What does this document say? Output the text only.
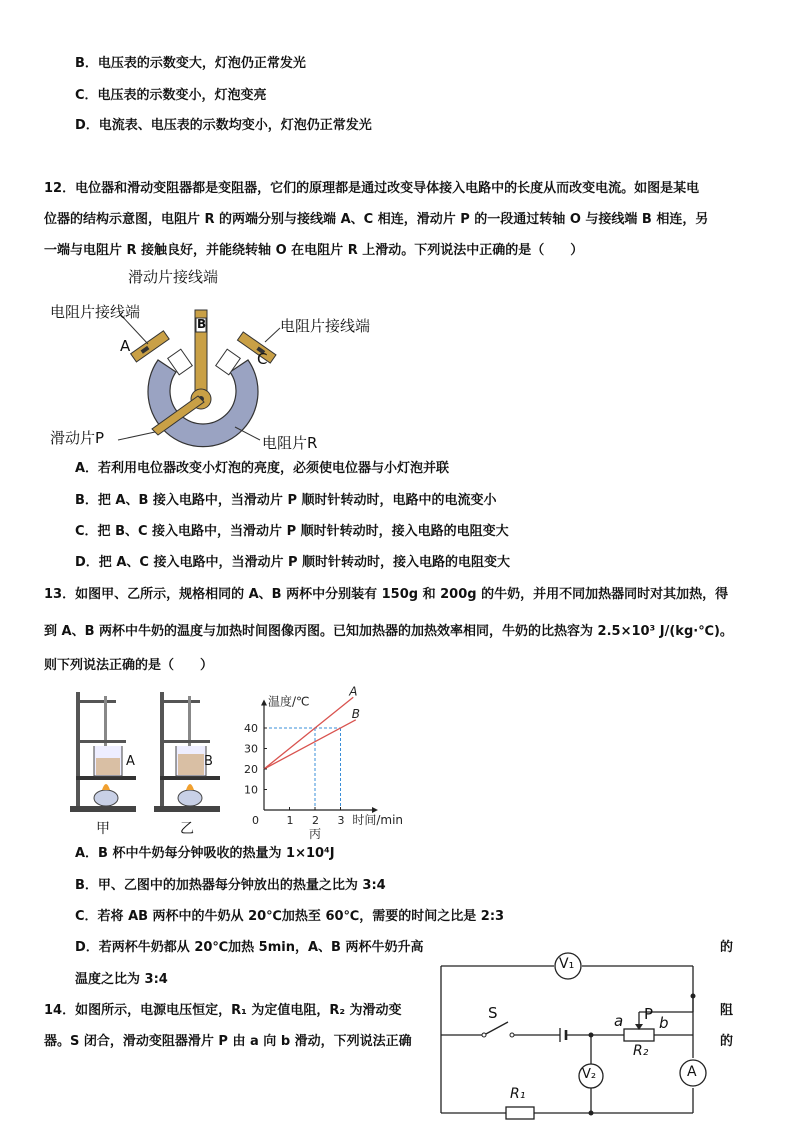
B．电压表的示数变大，灯泡仍正常发光
C．电压表的示数变小，灯泡变亮
D．电流表、电压表的示数均变小，灯泡仍正常发光
12．电位器和滑动变阻器都是变阻器，它们的原理都是通过改变导体接入电路中的长度从而改变电流。如图是某电
位器的结构示意图，电阻片 R 的两端分别与接线端 A、C 相连，滑动片 P 的一段通过转轴 O 与接线端 B 相连，另
一端与电阻片 R 接触良好，并能绕转轴 O 在电阻片 R 上滑动。下列说法中正确的是（　　）
滑动片接线端
电阻片接线端
电阻片接线端
A
B
C
滑动片P	电阻片R
A．若利用电位器改变小灯泡的亮度，必须使电位器与小灯泡并联
B．把 A、B 接入电路中，当滑动片 P 顺时针转动时，电路中的电流变小
C．把 B、C 接入电路中，当滑动片 P 顺时针转动时，接入电路的电阻变大
D．把 A、C 接入电路中，当滑动片 P 顺时针转动时，接入电路的电阻变大
13．如图甲、乙所示，规格相同的 A、B 两杯中分别装有 150g 和 200g 的牛奶，并用不同加热器同时对其加热，得
到 A、B 两杯中牛奶的温度与加热时间图像丙图。已知加热器的加热效率相同，牛奶的比热容为 2.5×10³ J/(kg·℃)。
则下列说法正确的是（　　）
A
甲
B
乙
A
B
0	1 2 3
10
20
30
40
温度/℃
时间/min
丙
A．B 杯中牛奶每分钟吸收的热量为 1×10⁴J
B．甲、乙图中的加热器每分钟放出的热量之比为 3:4
C．若将 AB 两杯中的牛奶从 20℃加热至 60℃，需要的时间之比是 2:3
D．若两杯牛奶都从 20℃加热 5min，A、B 两杯牛奶升高	的
温度之比为 3:4
14．如图所示，电源电压恒定，R₁ 为定值电阻，R₂ 为滑动变	阻
器。S 闭合，滑动变阻器滑片 P 由 a 向 b 滑动，下列说法正确	的
V₁
V₂	A
S
R₁
R₂
a b
P
